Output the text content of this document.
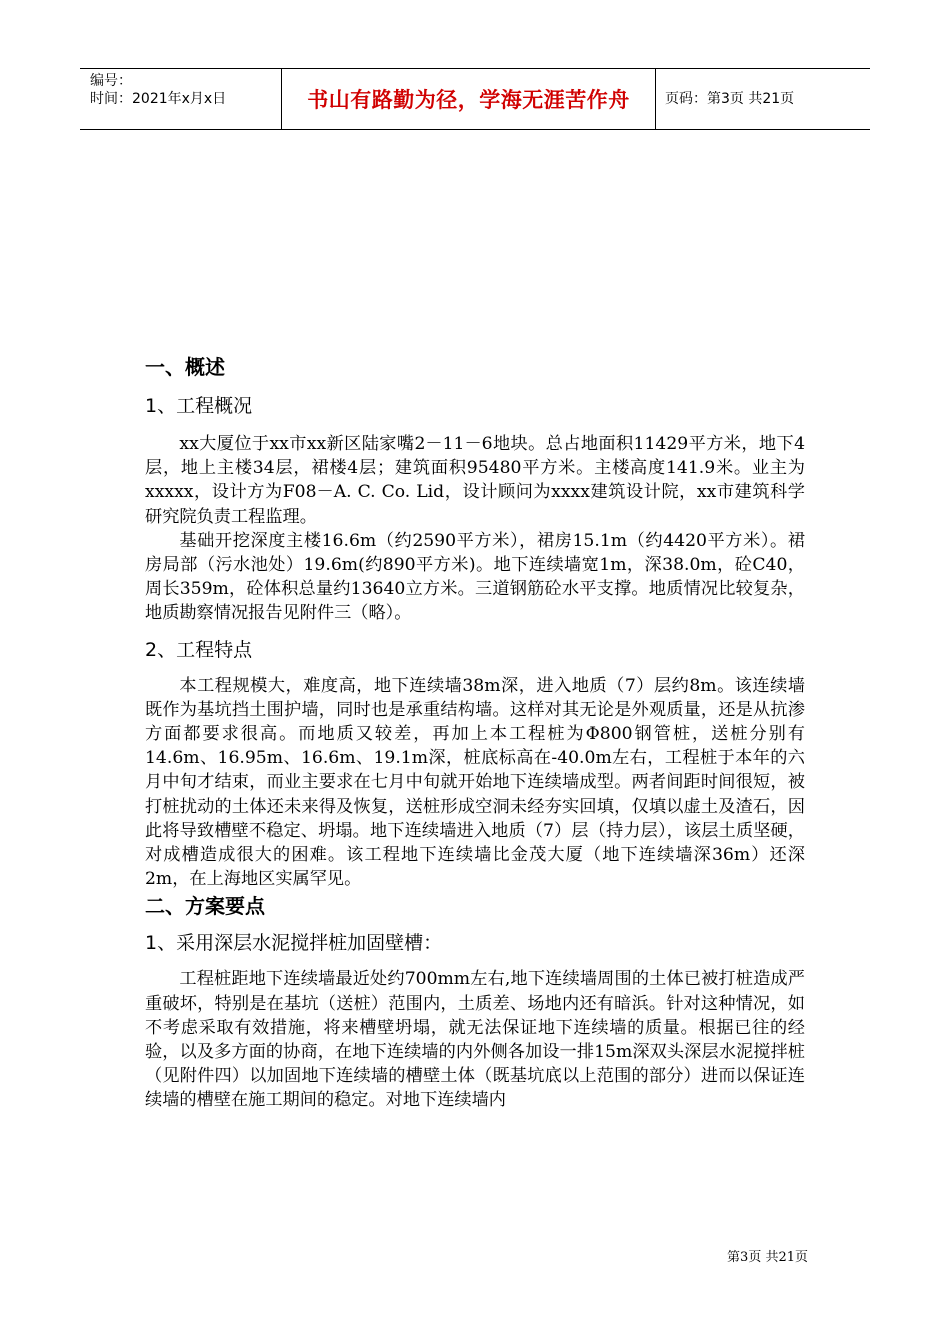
编号：
时间：2021年x月x日	书山有路勤为径，学海无涯苦作舟	页码：第3页 共21页
一、概述
1、工程概况

xx大厦位于xx市xx新区陆家嘴2－11－6地块。总占地面积11429平方米，地下4层，地上主楼34层，裙楼4层；建筑面积95480平方米。主楼高度141.9米。业主为xxxxx，设计方为F08－A. C. Co. Lid，设计顾问为xxxx建筑设计院，xx市建筑科学研究院负责工程监理。

基础开挖深度主楼16.6m（约2590平方米），裙房15.1m（约4420平方米）。裙房局部（污水池处）19.6m(约890平方米)。地下连续墙宽1m，深38.0m，砼C40，周长359m，砼体积总量约13640立方米。三道钢筋砼水平支撑。地质情况比较复杂，地质勘察情况报告见附件三（略）。

2、工程特点

本工程规模大，难度高，地下连续墙38m深，进入地质（7）层约8m。该连续墙既作为基坑挡土围护墙，同时也是承重结构墙。这样对其无论是外观质量，还是从抗渗方面都要求很高。而地质又较差，再加上本工程桩为Φ800钢管桩，送桩分别有14.6m、16.95m、16.6m、19.1m深，桩底标高在-40.0m左右，工程桩于本年的六月中旬才结束，而业主要求在七月中旬就开始地下连续墙成型。两者间距时间很短，被打桩扰动的土体还未来得及恢复，送桩形成空洞未经夯实回填，仅填以虚土及渣石，因此将导致槽壁不稳定、坍塌。地下连续墙进入地质（7）层（持力层），该层土质坚硬，对成槽造成很大的困难。该工程地下连续墙比金茂大厦（地下连续墙深36m）还深2m，在上海地区实属罕见。

二、方案要点
1、采用深层水泥搅拌桩加固壁槽：

工程桩距地下连续墙最近处约700mm左右,地下连续墙周围的土体已被打桩造成严重破坏，特别是在基坑（送桩）范围内，土质差、场地内还有暗浜。针对这种情况，如不考虑采取有效措施，将来槽壁坍塌，就无法保证地下连续墙的质量。根据已往的经验，以及多方面的协商，在地下连续墙的内外侧各加设一排15m深双头深层水泥搅拌桩（见附件四）以加固地下连续墙的槽壁土体（既基坑底以上范围的部分）进而以保证连续墙的槽壁在施工期间的稳定。对地下连续墙内

第3页 共21页
